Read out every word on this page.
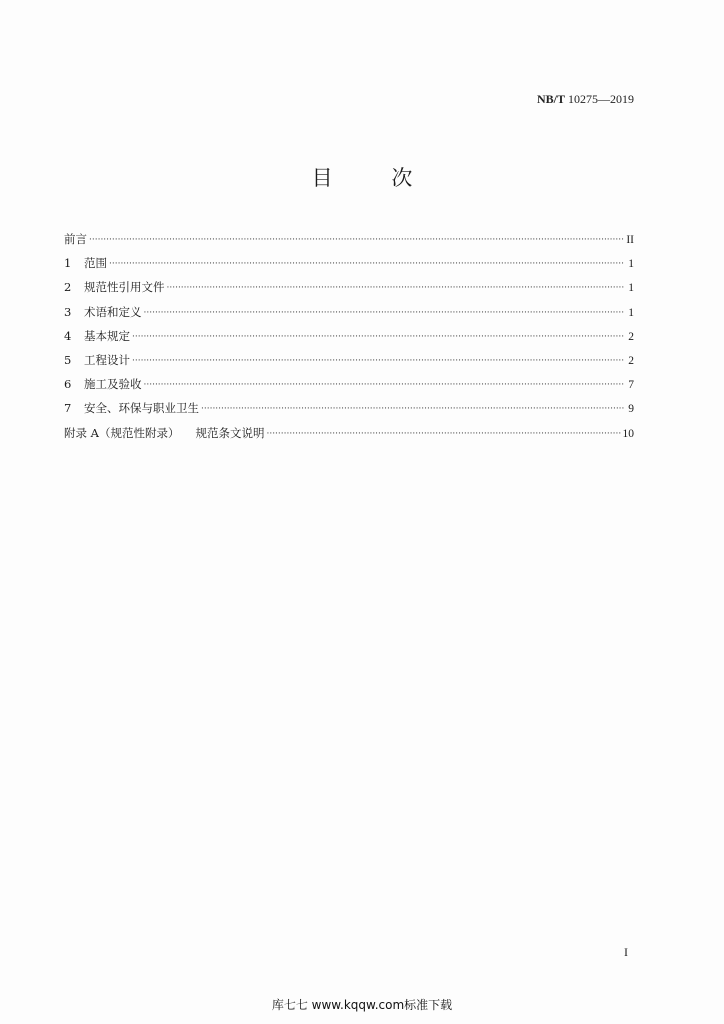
NB/T 10275—2019
目 次
前言 ·····	II
1	范围 ·····	1
2	规范性引用文件 ·····	1
3	术语和定义 ·····	1
4	基本规定 ·····	2
5	工程设计 ·····	2
6	施工及验收 ·····	7
7	安全、环保与职业卫生 ·····	9
附录 A（规范性附录） 规范条文说明 ·····	10
I
库七七 www.kqqw.com标准下载
